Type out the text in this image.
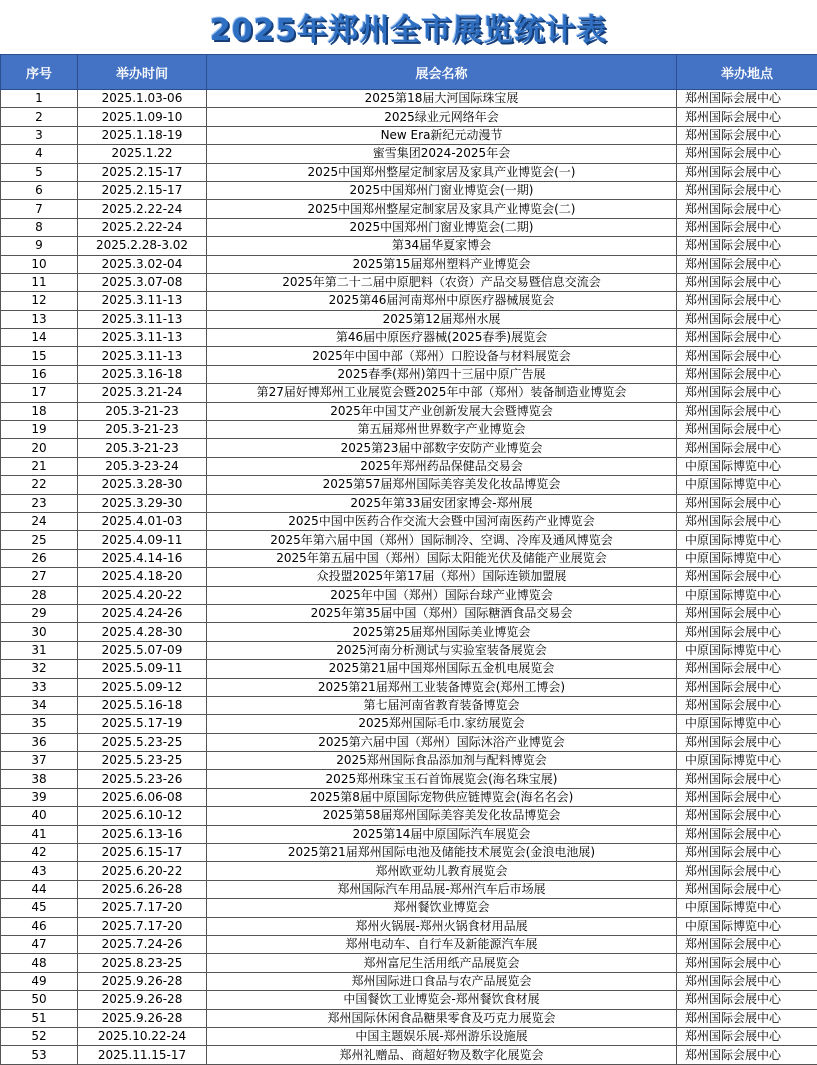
2025年郑州全市展览统计表
序号	举办时间	展会名称	举办地点
1	2025.1.03-06	2025第18届大河国际珠宝展	郑州国际会展中心
2	2025.1.09-10	2025绿业元网络年会	郑州国际会展中心
3	2025.1.18-19	New Era新纪元动漫节	郑州国际会展中心
4	2025.1.22	蜜雪集团2024-2025年会	郑州国际会展中心
5	2025.2.15-17	2025中国郑州整屋定制家居及家具产业博览会(一)	郑州国际会展中心
6	2025.2.15-17	2025中国郑州门窗业博览会(一期)	郑州国际会展中心
7	2025.2.22-24	2025中国郑州整屋定制家居及家具产业博览会(二)	郑州国际会展中心
8	2025.2.22-24	2025中国郑州门窗业博览会(二期)	郑州国际会展中心
9	2025.2.28-3.02	第34届华夏家博会	郑州国际会展中心
10	2025.3.02-04	2025第15届郑州塑料产业博览会	郑州国际会展中心
11	2025.3.07-08	2025年第二十二届中原肥料（农资）产品交易暨信息交流会	郑州国际会展中心
12	2025.3.11-13	2025第46届河南郑州中原医疗器械展览会	郑州国际会展中心
13	2025.3.11-13	2025第12届郑州水展	郑州国际会展中心
14	2025.3.11-13	第46届中原医疗器械(2025春季)展览会	郑州国际会展中心
15	2025.3.11-13	2025年中国中部（郑州）口腔设备与材料展览会	郑州国际会展中心
16	2025.3.16-18	2025春季(郑州)第四十三届中原广告展	郑州国际会展中心
17	2025.3.21-24	第27届好博郑州工业展览会暨2025年中部（郑州）装备制造业博览会	郑州国际会展中心
18	205.3-21-23	2025年中国艾产业创新发展大会暨博览会	郑州国际会展中心
19	205.3-21-23	第五届郑州世界数字产业博览会	郑州国际会展中心
20	205.3-21-23	2025第23届中部数字安防产业博览会	郑州国际会展中心
21	205.3-23-24	2025年郑州药品保健品交易会	中原国际博览中心
22	2025.3.28-30	2025第57届郑州国际美容美发化妆品博览会	中原国际博览中心
23	2025.3.29-30	2025年第33届安团家博会-郑州展	郑州国际会展中心
24	2025.4.01-03	2025中国中医药合作交流大会暨中国河南医药产业博览会	郑州国际会展中心
25	2025.4.09-11	2025年第六届中国（郑州）国际制冷、空调、冷库及通风博览会	中原国际博览中心
26	2025.4.14-16	2025年第五届中国（郑州）国际太阳能光伏及储能产业展览会	中原国际博览中心
27	2025.4.18-20	众投盟2025年第17届（郑州）国际连锁加盟展	郑州国际会展中心
28	2025.4.20-22	2025年中国（郑州）国际台球产业博览会	中原国际博览中心
29	2025.4.24-26	2025年第35届中国（郑州）国际糖酒食品交易会	郑州国际会展中心
30	2025.4.28-30	2025第25届郑州国际美业博览会	郑州国际会展中心
31	2025.5.07-09	2025河南分析测试与实验室装备展览会	中原国际博览中心
32	2025.5.09-11	2025第21届中国郑州国际五金机电展览会	郑州国际会展中心
33	2025.5.09-12	2025第21届郑州工业装备博览会(郑州工博会)	郑州国际会展中心
34	2025.5.16-18	第七届河南省教育装备博览会	郑州国际会展中心
35	2025.5.17-19	2025郑州国际毛巾.家纺展览会	中原国际博览中心
36	2025.5.23-25	2025第六届中国（郑州）国际沐浴产业博览会	郑州国际会展中心
37	2025.5.23-25	2025郑州国际食品添加剂与配料博览会	中原国际博览中心
38	2025.5.23-26	2025郑州珠宝玉石首饰展览会(海名珠宝展)	郑州国际会展中心
39	2025.6.06-08	2025第8届中原国际宠物供应链博览会(海名名会)	郑州国际会展中心
40	2025.6.10-12	2025第58届郑州国际美容美发化妆品博览会	郑州国际会展中心
41	2025.6.13-16	2025第14届中原国际汽车展览会	郑州国际会展中心
42	2025.6.15-17	2025第21届郑州国际电池及储能技术展览会(金浪电池展)	郑州国际会展中心
43	2025.6.20-22	郑州欧亚幼儿教育展览会	郑州国际会展中心
44	2025.6.26-28	郑州国际汽车用品展-郑州汽车后市场展	郑州国际会展中心
45	2025.7.17-20	郑州餐饮业博览会	中原国际博览中心
46	2025.7.17-20	郑州火锅展-郑州火锅食材用品展	中原国际博览中心
47	2025.7.24-26	郑州电动车、自行车及新能源汽车展	郑州国际会展中心
48	2025.8.23-25	郑州富尼生活用纸产品展览会	郑州国际会展中心
49	2025.9.26-28	郑州国际进口食品与农产品展览会	郑州国际会展中心
50	2025.9.26-28	中国餐饮工业博览会-郑州餐饮食材展	郑州国际会展中心
51	2025.9.26-28	郑州国际休闲食品糖果零食及巧克力展览会	郑州国际会展中心
52	2025.10.22-24	中国主题娱乐展-郑州游乐设施展	郑州国际会展中心
53	2025.11.15-17	郑州礼赠品、商超好物及数字化展览会	郑州国际会展中心
